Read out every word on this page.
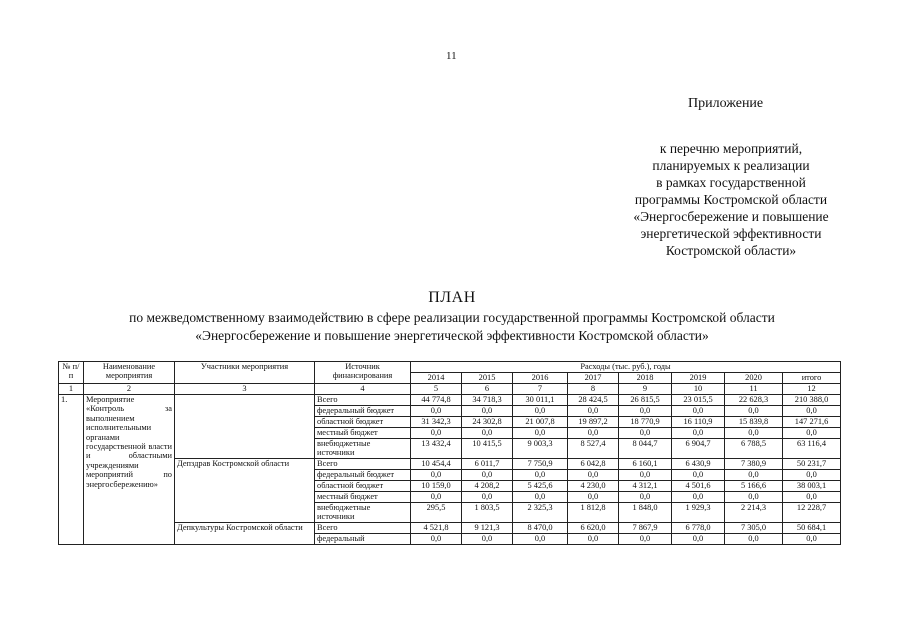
11
Приложение
к перечню мероприятий,
планируемых к реализации
в рамках государственной
программы Костромской области
«Энергосбережение и повышение
энергетической эффективности
Костромской области»
ПЛАН
по межведомственному взаимодействию в сфере реализации государственной программы Костромской области
«Энергосбережение и повышение энергетической эффективности Костромской области»
№ п/п	Наименование мероприятия	Участники мероприятия	Источник финансирования	Расходы (тыс. руб.), годы							
				2014	2015	2016	2017	2018	2019	2020	итого
1	2	3	4	5	6	7	8	9	10	11	12
1.	Мероприятие «Контроль за выполнением исполнительными органами государственной власти и областными учреждениями мероприятий по энергосбережению»		Всего	44 774,8	34 718,3	30 011,1	28 424,5	26 815,5	23 015,5	22 628,3	210 388,0
			федеральный бюджет	0,0	0,0	0,0	0,0	0,0	0,0	0,0	0,0
			областной бюджет	31 342,3	24 302,8	21 007,8	19 897,2	18 770,9	16 110,9	15 839,8	147 271,6
			местный бюджет	0,0	0,0	0,0	0,0	0,0	0,0	0,0	0,0
			внебюджетные источники	13 432,4	10 415,5	9 003,3	8 527,4	8 044,7	6 904,7	6 788,5	63 116,4
		Депздрав Костромской области	Всего	10 454,4	6 011,7	7 750,9	6 042,8	6 160,1	6 430,9	7 380,9	50 231,7
			федеральный бюджет	0,0	0,0	0,0	0,0	0,0	0,0	0,0	0,0
			областной бюджет	10 159,0	4 208,2	5 425,6	4 230,0	4 312,1	4 501,6	5 166,6	38 003,1
			местный бюджет	0,0	0,0	0,0	0,0	0,0	0,0	0,0	0,0
			внебюджетные источники	295,5	1 803,5	2 325,3	1 812,8	1 848,0	1 929,3	2 214,3	12 228,7
		Депкультуры Костромской области	Всего	4 521,8	9 121,3	8 470,0	6 620,0	7 867,9	6 778,0	7 305,0	50 684,1
			федеральный	0,0	0,0	0,0	0,0	0,0	0,0	0,0	0,0
